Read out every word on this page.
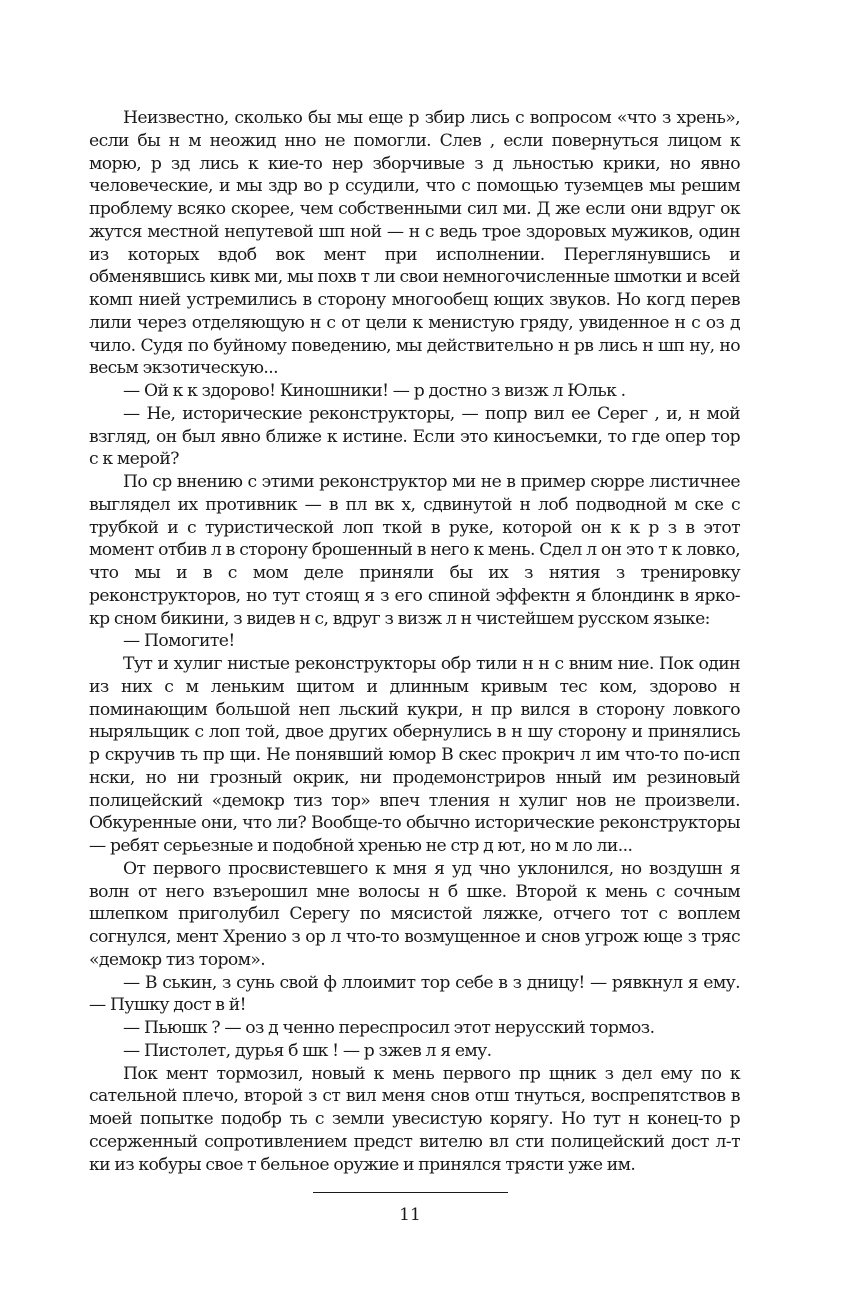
Неизвестно, сколько бы мы еще р збир лись с вопросом «что з хрень», если бы н м неожид нно не помогли. Слев , если повернуться лицом к морю, р зд лись к кие-то нер зборчивые з д льностью крики, но явно человеческие, и мы здр во р ссудили, что с помощью туземцев мы решим проблему всяко скорее, чем собственными сил ми. Д же если они вдруг ок жутся местной непутевой шп ной — н с ведь трое здоровых мужиков, один из которых вдоб вок мент при исполнении. Переглянувшись и обменявшись кивк ми, мы похв т ли свои немногочисленные шмотки и всей комп нией устремились в сторону многообещ ющих звуков. Но когд перев лили через отделяющую н с от цели к менистую гряду, увиденное н с оз д чило. Судя по буйному поведению, мы действительно н рв лись н шп ну, но весьм экзотическую...

— Ой к к здорово! Киношники! — р достно з визж л Юльк .

— Не, исторические реконструкторы, — попр вил ее Серег , и, н мой взгляд, он был явно ближе к истине. Если это киносъемки, то где опер тор с к мерой?

По ср внению с этими реконструктор ми не в пример сюрре листичнее выглядел их противник — в пл вк х, сдвинутой н лоб подводной м ске с трубкой и с туристической лоп ткой в руке, которой он к к р з в этот момент отбив л в сторону брошенный в него к мень. Сдел л он это т к ловко, что мы и в с мом деле приняли бы их з нятия з тренировку реконструкторов, но тут стоящ я з его спиной эффектн я блондинк в ярко-кр сном бикини, з видев н с, вдруг з визж л н чистейшем русском языке:

— Помогите!

Тут и хулиг нистые реконструкторы обр тили н н с вним ние. Пок один из них с м леньким щитом и длинным кривым тес ком, здорово н поминающим большой неп льский кукри, н пр вился в сторону ловкого ныряльщик с лоп той, двое других обернулись в н шу сторону и принялись р скручив ть пр щи. Не понявший юмор В скес прокрич л им что-то по-исп нски, но ни грозный окрик, ни продемонстриров нный им резиновый полицейский «демокр тиз тор» впеч тления н хулиг нов не произвели. Обкуренные они, что ли? Вообще-то обычно исторические реконструкторы — ребят серьезные и подобной хренью не стр д ют, но м ло ли...

От первого просвистевшего к мня я уд чно уклонился, но воздушн я волн от него взъерошил мне волосы н б шке. Второй к мень с сочным шлепком приголубил Серегу по мясистой ляжке, отчего тот с воплем согнулся, мент Хренио з ор л что-то возмущенное и снов угрож юще з тряс «демокр тиз тором».

— В ськин, з сунь свой ф ллоимит тор себе в з дницу! — рявкнул я ему. — Пушку дост в й!

— Пьюшк ? — оз д ченно переспросил этот нерусский тормоз.

— Пистолет, дурья б шк ! — р зжев л я ему.

Пок мент тормозил, новый к мень первого пр щник з дел ему по к сательной плечо, второй з ст вил меня снов отш тнуться, воспрепятствов в моей попытке подобр ть с земли увесистую корягу. Но тут н конец-то р ссерженный сопротивлением предст вителю вл сти полицейский дост л-т ки из кобуры свое т бельное оружие и принялся трясти уже им.

11
